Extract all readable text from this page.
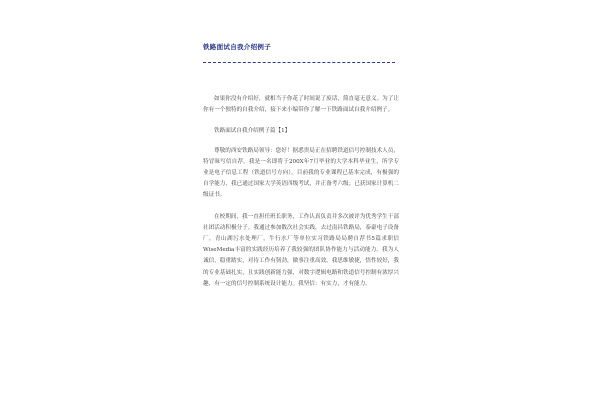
铁路面试自我介绍例子

如果你没有介绍好，就相当于你花了时间说了废话，简直毫无意义。为了让你有一个独特的自我介绍，接下来小编带你了解一下铁路面试自我介绍例子。

铁路面试自我介绍例子篇【1】

尊敬的西安铁路局领导：您好！据悉贵局正在招聘铁道信号控制技术人员，特冒昧写信自荐。我是一名即将于200X年7月毕业的大学本科毕业生，所学专业是电子信息工程（铁道信号方向），目前我的专业课程已基本完成，有极强的自学能力，我已通过国家大学英语四级考试，并正备考六级；已获国家计算机二级证书。

在校期间，我一直担任班长职务，工作认真负责并多次被评为优秀学生干部社团活动积极分子。我通过参加数次社会实践，去过南昌铁路局，泰豪电子设备厂，青山湖污水处理厂，牛行水厂等单位实习铁路局局聘自荐书5篇求职信WiseMedia丰富的实践经历培养了我较强的团队协作能力与活动能力。我为人诚信，稳重踏实，对待工作有韧劲，做事注重高效。我思维敏捷，悟性较好，我的专业基础扎实，且实践创新能力强，对数字逻辑电路和铁道信号控制有浓厚兴趣，有一定的信号控制系统设计能力。我坚信：有实力，才有能力。
